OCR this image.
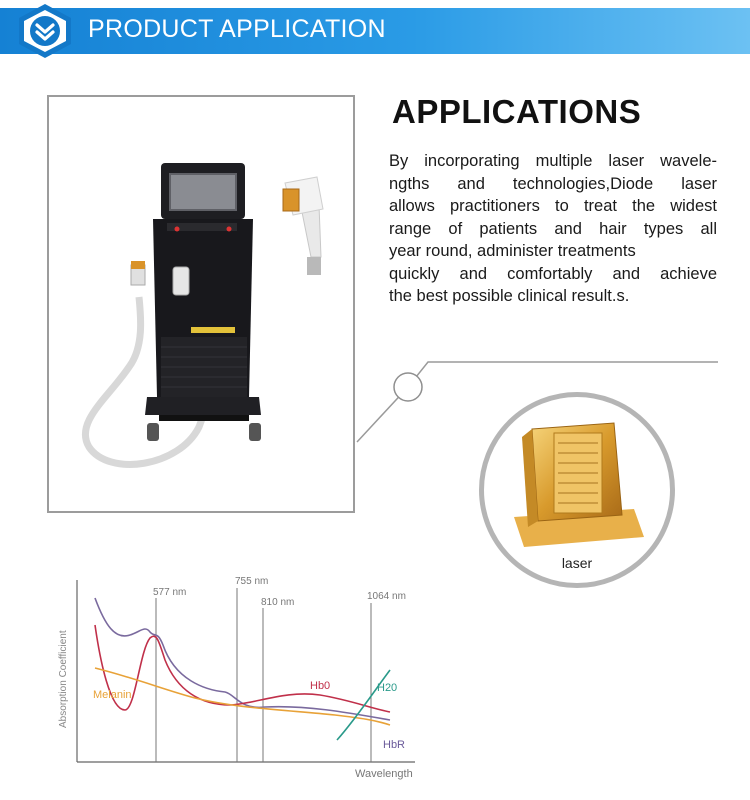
PRODUCT APPLICATION
APPLICATIONS
By incorporating multiple laser wavele-
ngths and technologies,Diode laser
allows practitioners to treat the widest
range of patients and hair types all
year round, administer treatments
quickly and comfortably and achieve
the best possible clinical result.s.
laser
577 nm
755 nm
810 nm
1064 nm
Melanin
Hb0	H20
HbR
Wavelength
Absorption Coefficient
